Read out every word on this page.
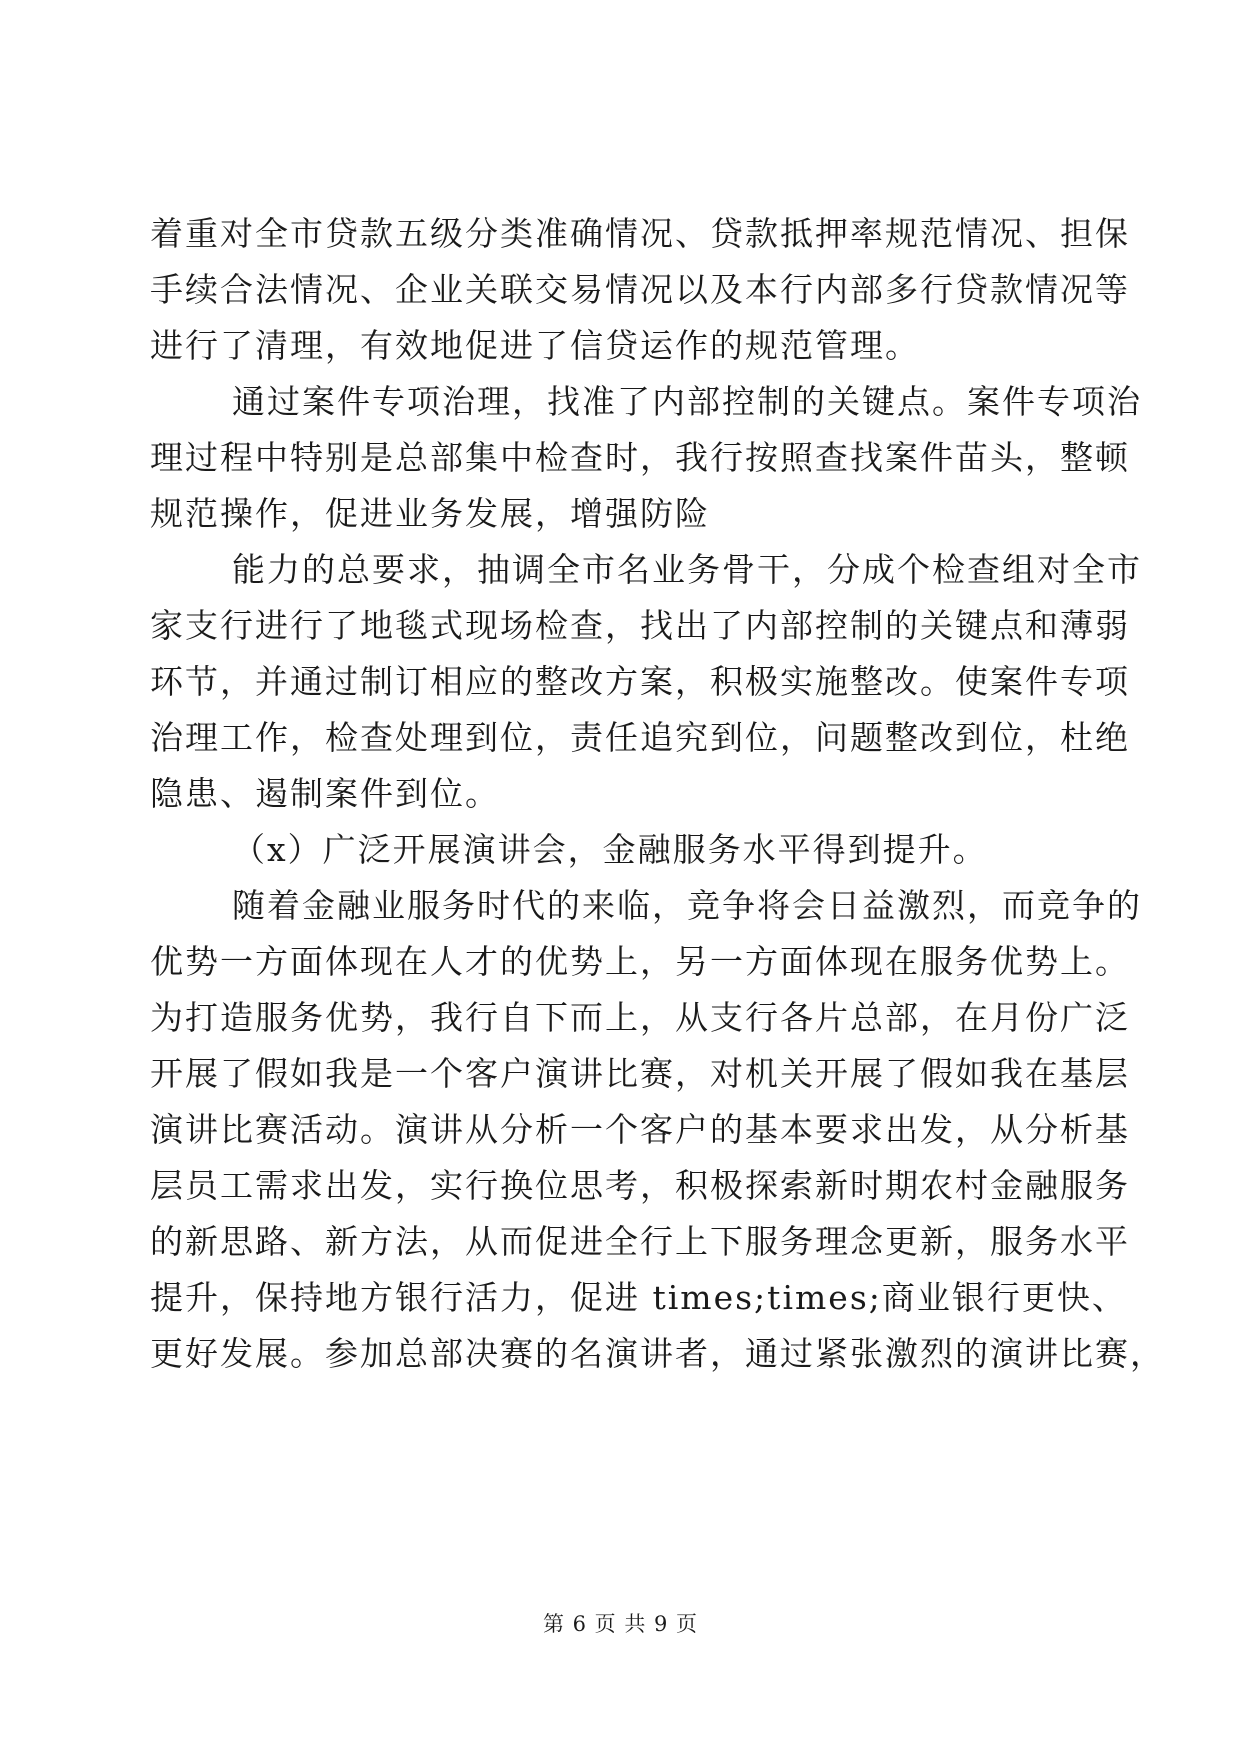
着重对全市贷款五级分类准确情况、贷款抵押率规范情况、担保
手续合法情况、企业关联交易情况以及本行内部多行贷款情况等
进行了清理，有效地促进了信贷运作的规范管理。
通过案件专项治理，找准了内部控制的关键点。案件专项治
理过程中特别是总部集中检查时，我行按照查找案件苗头，整顿
规范操作，促进业务发展，增强防险
能力的总要求，抽调全市名业务骨干，分成个检查组对全市
家支行进行了地毯式现场检查，找出了内部控制的关键点和薄弱
环节，并通过制订相应的整改方案，积极实施整改。使案件专项
治理工作，检查处理到位，责任追究到位，问题整改到位，杜绝
隐患、遏制案件到位。
（x）广泛开展演讲会，金融服务水平得到提升。
随着金融业服务时代的来临，竞争将会日益激烈，而竞争的
优势一方面体现在人才的优势上，另一方面体现在服务优势上。
为打造服务优势，我行自下而上，从支行各片总部，在月份广泛
开展了假如我是一个客户演讲比赛，对机关开展了假如我在基层
演讲比赛活动。演讲从分析一个客户的基本要求出发，从分析基
层员工需求出发，实行换位思考，积极探索新时期农村金融服务
的新思路、新方法，从而促进全行上下服务理念更新，服务水平
提升，保持地方银行活力，促进 times;times;商业银行更快、
更好发展。参加总部决赛的名演讲者，通过紧张激烈的演讲比赛，
第 6 页 共 9 页
